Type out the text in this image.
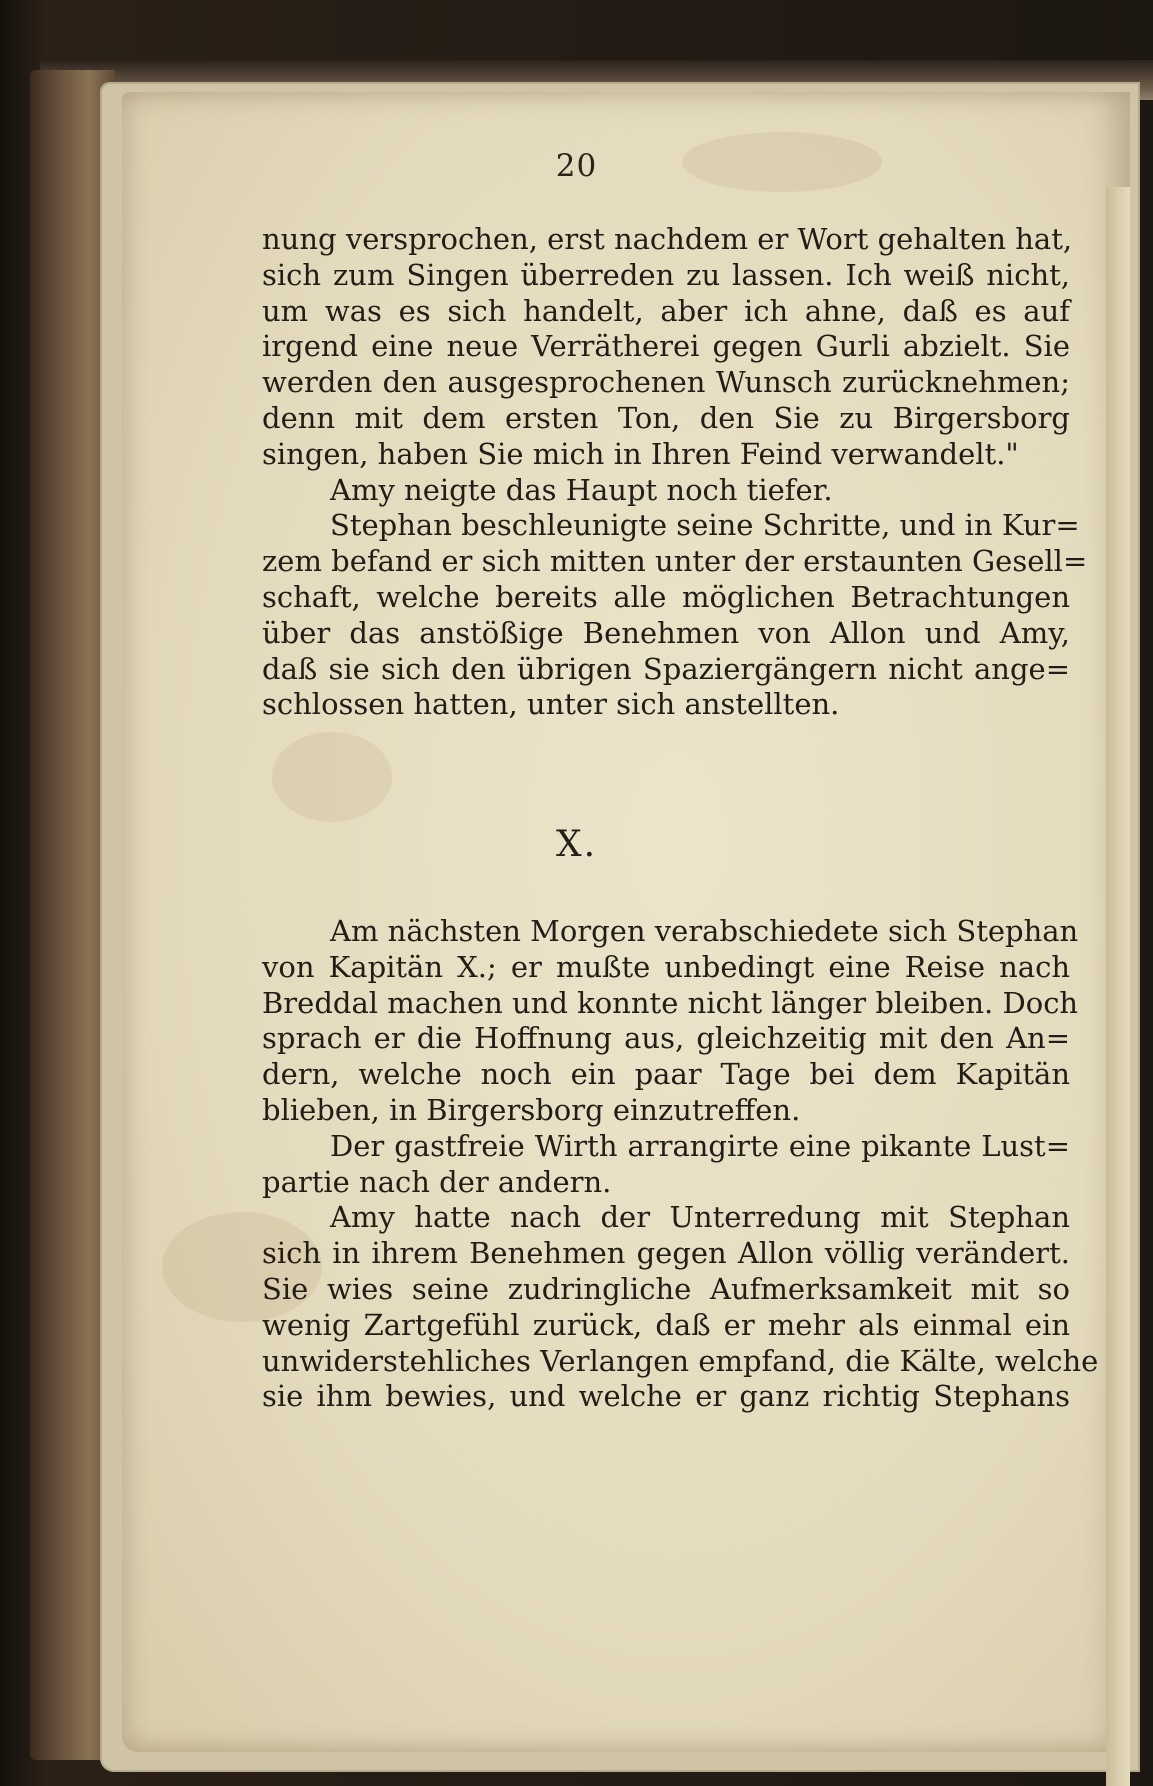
20
nung versprochen, erst nachdem er Wort gehalten hat,
sich zum Singen überreden zu lassen. Ich weiß nicht,
um was es sich handelt, aber ich ahne, daß es auf
irgend eine neue Verrätherei gegen Gurli abzielt. Sie
werden den ausgesprochenen Wunsch zurücknehmen;
denn mit dem ersten Ton, den Sie zu Birgersborg
singen, haben Sie mich in Ihren Feind verwandelt."
Amy neigte das Haupt noch tiefer.
Stephan beschleunigte seine Schritte, und in Kur=
zem befand er sich mitten unter der erstaunten Gesell=
schaft, welche bereits alle möglichen Betrachtungen
über das anstößige Benehmen von Allon und Amy,
daß sie sich den übrigen Spaziergängern nicht ange=
schlossen hatten, unter sich anstellten.
X.
Am nächsten Morgen verabschiedete sich Stephan
von Kapitän X.; er mußte unbedingt eine Reise nach
Breddal machen und konnte nicht länger bleiben. Doch
sprach er die Hoffnung aus, gleichzeitig mit den An=
dern, welche noch ein paar Tage bei dem Kapitän
blieben, in Birgersborg einzutreffen.
Der gastfreie Wirth arrangirte eine pikante Lust=
partie nach der andern.
Amy hatte nach der Unterredung mit Stephan
sich in ihrem Benehmen gegen Allon völlig verändert.
Sie wies seine zudringliche Aufmerksamkeit mit so
wenig Zartgefühl zurück, daß er mehr als einmal ein
unwiderstehliches Verlangen empfand, die Kälte, welche
sie ihm bewies, und welche er ganz richtig Stephans
